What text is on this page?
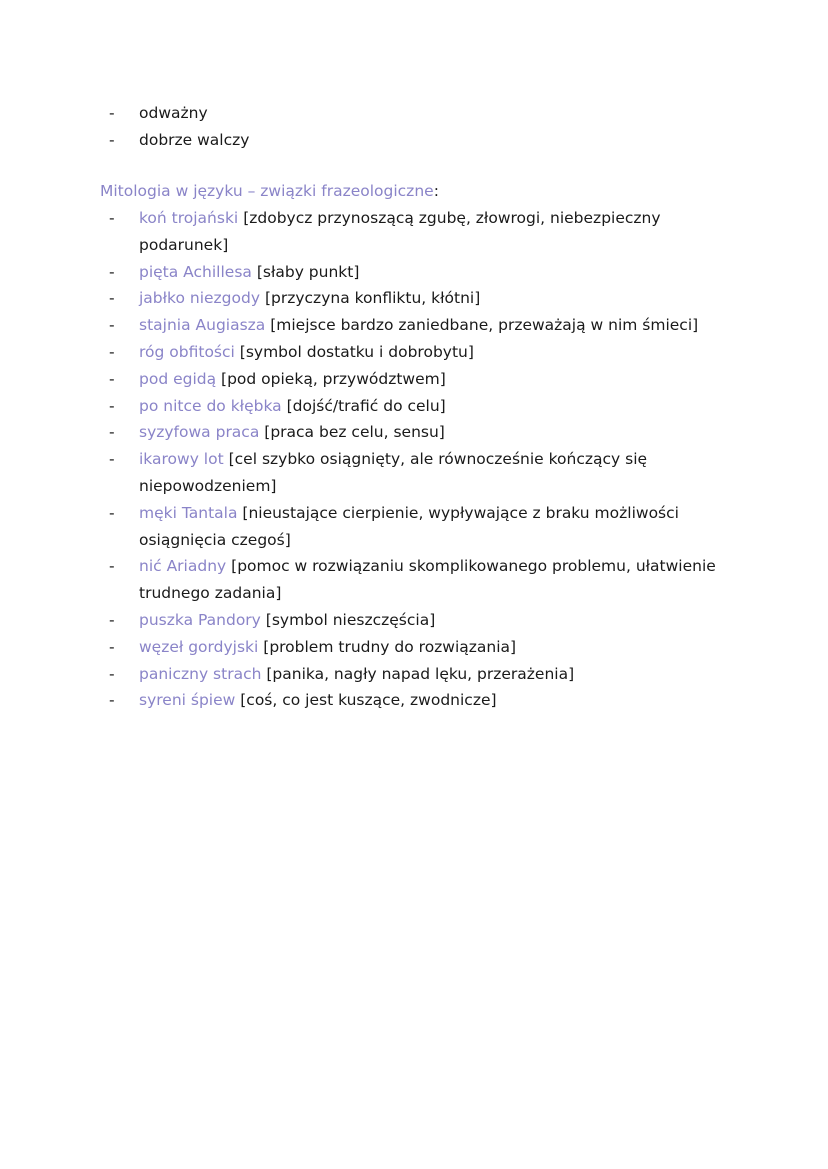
- odważny
- dobrze walczy
Mitologia w języku – związki frazeologiczne:
- koń trojański [zdobycz przynoszącą zgubę, złowrogi, niebezpieczny podarunek]
- pięta Achillesa [słaby punkt]
- jabłko niezgody [przyczyna konfliktu, kłótni]
- stajnia Augiasza [miejsce bardzo zaniedbane, przeważają w nim śmieci]
- róg obfitości [symbol dostatku i dobrobytu]
- pod egidą [pod opieką, przywództwem]
- po nitce do kłębka [dojść/trafić do celu]
- syzyfowa praca [praca bez celu, sensu]
- ikarowy lot [cel szybko osiągnięty, ale równocześnie kończący się niepowodzeniem]
- męki Tantala [nieustające cierpienie, wypływające z braku możliwości osiągnięcia czegoś]
- nić Ariadny [pomoc w rozwiązaniu skomplikowanego problemu, ułatwienie trudnego zadania]
- puszka Pandory [symbol nieszczęścia]
- węzeł gordyjski [problem trudny do rozwiązania]
- paniczny strach [panika, nagły napad lęku, przerażenia]
- syreni śpiew [coś, co jest kuszące, zwodnicze]
